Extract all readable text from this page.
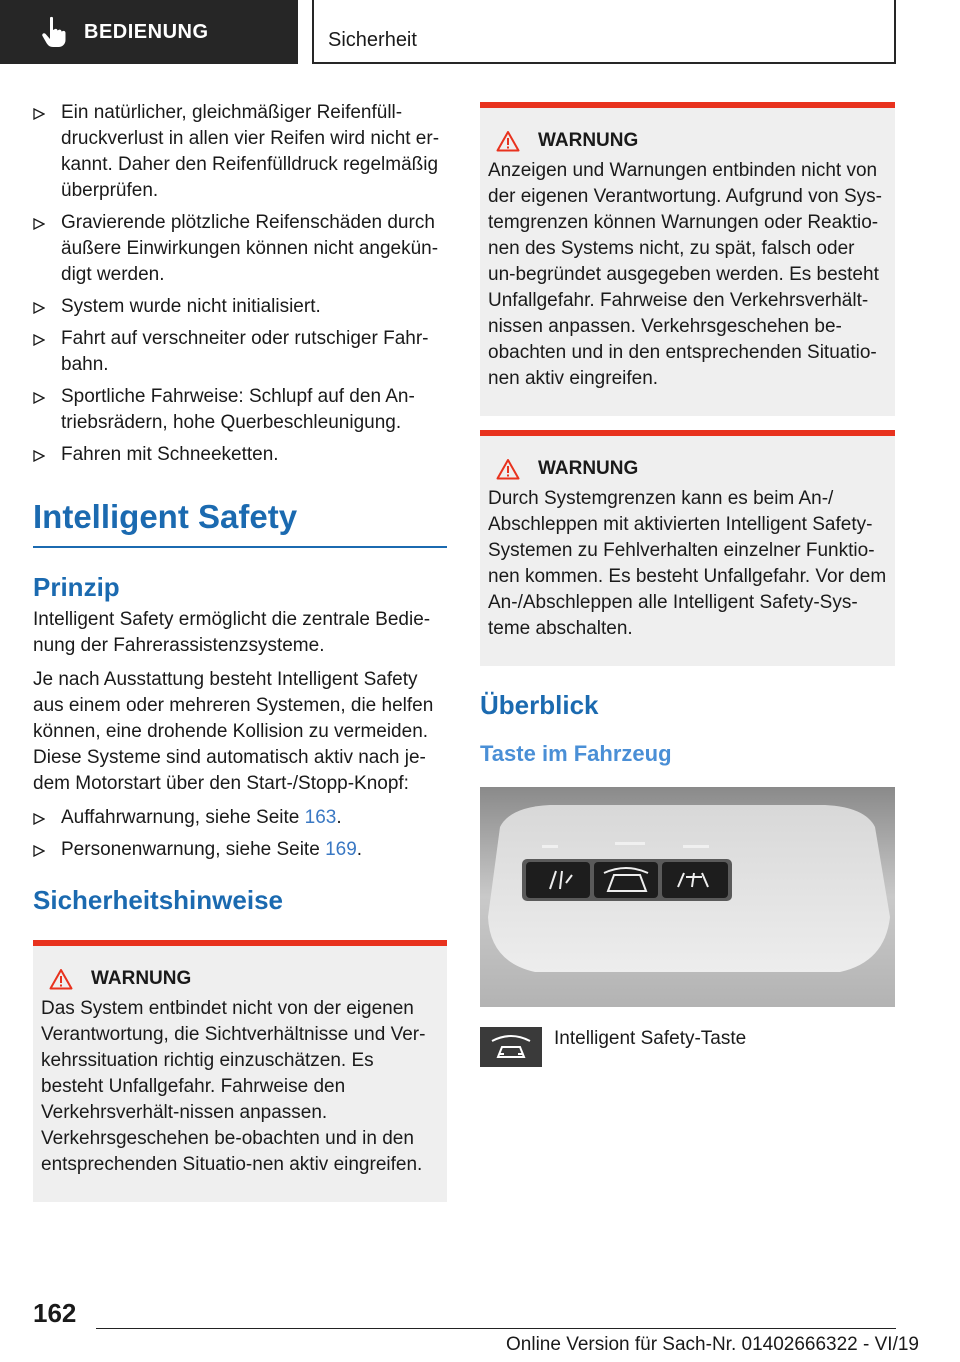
BEDIENUNG	Sicherheit
Ein natürlicher, gleichmäßiger Reifenfüll-druckverlust in allen vier Reifen wird nicht er-kannt. Daher den Reifenfülldruck regelmäßig überprüfen.
Gravierende plötzliche Reifenschäden durch äußere Einwirkungen können nicht angekün-digt werden.
System wurde nicht initialisiert.
Fahrt auf verschneiter oder rutschiger Fahr-bahn.
Sportliche Fahrweise: Schlupf auf den An-triebsrädern, hohe Querbeschleunigung.
Fahren mit Schneeketten.
Intelligent Safety
Prinzip

Intelligent Safety ermöglicht die zentrale Bedie-nung der Fahrerassistenzsysteme.

Je nach Ausstattung besteht Intelligent Safety aus einem oder mehreren Systemen, die helfen können, eine drohende Kollision zu vermeiden. Diese Systeme sind automatisch aktiv nach je-dem Motorstart über den Start-/Stopp-Knopf:

Auffahrwarnung, siehe Seite 163.
Personenwarnung, siehe Seite 169.
Sicherheitshinweise
WARNUNG

Das System entbindet nicht von der eigenen Verantwortung, die Sichtverhältnisse und Ver-kehrssituation richtig einzuschätzen. Es besteht Unfallgefahr. Fahrweise den Verkehrsverhält-nissen anpassen. Verkehrsgeschehen be-obachten und in den entsprechenden Situatio-nen aktiv eingreifen.

WARNUNG

Anzeigen und Warnungen entbinden nicht von der eigenen Verantwortung. Aufgrund von Sys-temgrenzen können Warnungen oder Reaktio-nen des Systems nicht, zu spät, falsch oder un-begründet ausgegeben werden. Es besteht Unfallgefahr. Fahrweise den Verkehrsverhält-nissen anpassen. Verkehrsgeschehen be-obachten und in den entsprechenden Situatio-nen aktiv eingreifen.

WARNUNG

Durch Systemgrenzen kann es beim An-/ Abschleppen mit aktivierten Intelligent Safety-Systemen zu Fehlverhalten einzelner Funktio-nen kommen. Es besteht Unfallgefahr. Vor dem An-/Abschleppen alle Intelligent Safety-Sys-teme abschalten.

Überblick
Taste im Fahrzeug
Intelligent Safety-Taste
162
Online Version für Sach-Nr. 01402666322 - VI/19
